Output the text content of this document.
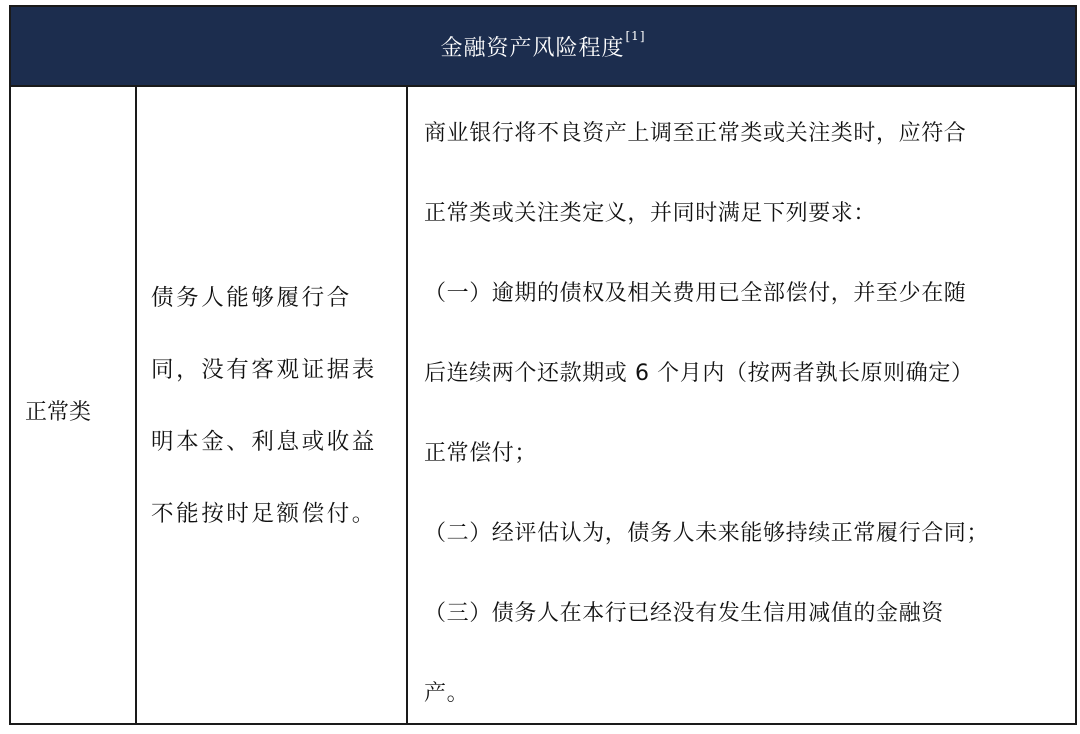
金融资产风险程度[1]
正常类
债务人能够履行合
同，没有客观证据表
明本金、利息或收益
不能按时足额偿付。
商业银行将不良资产上调至正常类或关注类时，应符合
正常类或关注类定义，并同时满足下列要求：
（一）逾期的债权及相关费用已全部偿付，并至少在随
后连续两个还款期或 6 个月内（按两者孰长原则确定）
正常偿付；
（二）经评估认为，债务人未来能够持续正常履行合同；
（三）债务人在本行已经没有发生信用减值的金融资
产。
